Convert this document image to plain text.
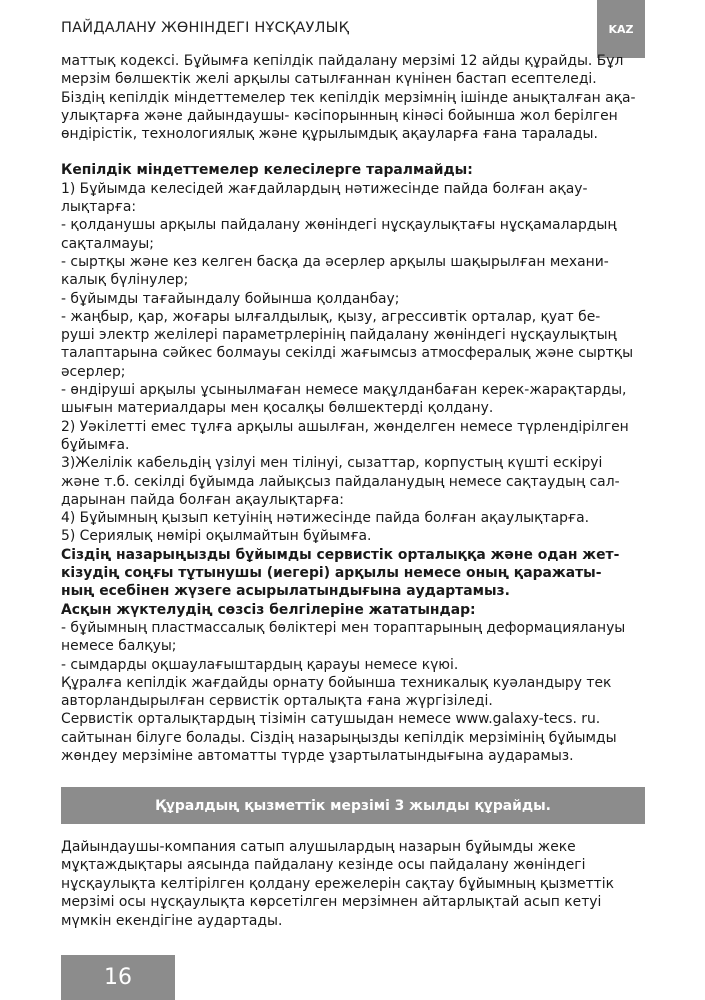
ПАЙДАЛАНУ ЖӨНІНДЕГІ НҰСҚАУЛЫҚ	KAZ

маттық кодексі. Бұйымға кепілдік пайдалану мерзімі 12 айды құрайды. Бұл

мерзім бөлшектік желі арқылы сатылғаннан күнінен бастап есептеледі.

Біздің кепілдік міндеттемелер тек кепілдік мерзімнің ішінде анықталған ақа-

улықтарға және дайындаушы- кәсіпорынның кінәсі бойынша жол берілген

өндірістік, технологиялық және құрылымдық ақауларға ғана таралады.

Кепілдік міндеттемелер келесілерге таралмайды:

1) Бұйымда келесідей жағдайлардың нәтижесінде пайда болған ақау-

лықтарға:

- қолданушы арқылы пайдалану жөніндегі нұсқаулықтағы нұсқамалардың

сақталмауы;

- сыртқы және кез келген басқа да әсерлер арқылы шақырылған механи-

калық бүлінулер;

- бұйымды тағайындалу бойынша қолданбау;

- жаңбыр, қар, жоғары ылғалдылық, қызу, агрессивтік орталар, қуат бе-

руші электр желілері параметрлерінің пайдалану жөніндегі нұсқаулықтың

талаптарына сәйкес болмауы секілді жағымсыз атмосфералық және сыртқы

әсерлер;

- өндіруші арқылы ұсынылмаған немесе мақұлданбаған керек-жарақтарды,

шығын материалдары мен қосалқы бөлшектерді қолдану.

2) Уәкілетті емес тұлға арқылы ашылған, жөнделген немесе түрлендірілген

бұйымға.

3)Желілік кабельдің үзілуі мен тілінуі, сызаттар, корпустың күшті ескіруі

және т.б. секілді бұйымда лайықсыз пайдаланудың немесе сақтаудың сал-

дарынан пайда болған ақаулықтарға:

4) Бұйымның қызып кетуінің нәтижесінде пайда болған ақаулықтарға.

5) Сериялық нөмірі оқылмайтын бұйымға.

Сіздің назарыңызды бұйымды сервистік орталыққа және одан жет-

кізудің соңғы тұтынушы (иегері) арқылы немесе оның қаражаты-

ның есебінен жүзеге асырылатындығына аудартамыз.

Асқын жүктелудің сөзсіз белгілеріне жататындар:

- бұйымның пластмассалық бөліктері мен тораптарының деформациялануы

немесе балқуы;

- сымдарды оқшаулағыштардың қарауы немесе күюі.

Құралға кепілдік жағдайды орнату бойынша техникалық куәландыру тек

авторландырылған сервистік орталықта ғана жүргізіледі.

Сервистік орталықтардың тізімін сатушыдан немесе www.galaxy-tecs. ru.

сайтынан білуге болады. Сіздің назарыңызды кепілдік мерзімінің бұйымды

жөндеу мерзіміне автоматты түрде ұзартылатындығына аударамыз.

Құралдың қызметтік мерзімі 3 жылды құрайды.

Дайындаушы-компания сатып алушылардың назарын бұйымды жеке

мұқтаждықтары аясында пайдалану кезінде осы пайдалану жөніндегі

нұсқаулықта келтірілген қолдану ережелерін сақтау бұйымның қызметтік

мерзімі осы нұсқаулықта көрсетілген мерзімнен айтарлықтай асып кетуі

мүмкін екендігіне аудартады.

16
